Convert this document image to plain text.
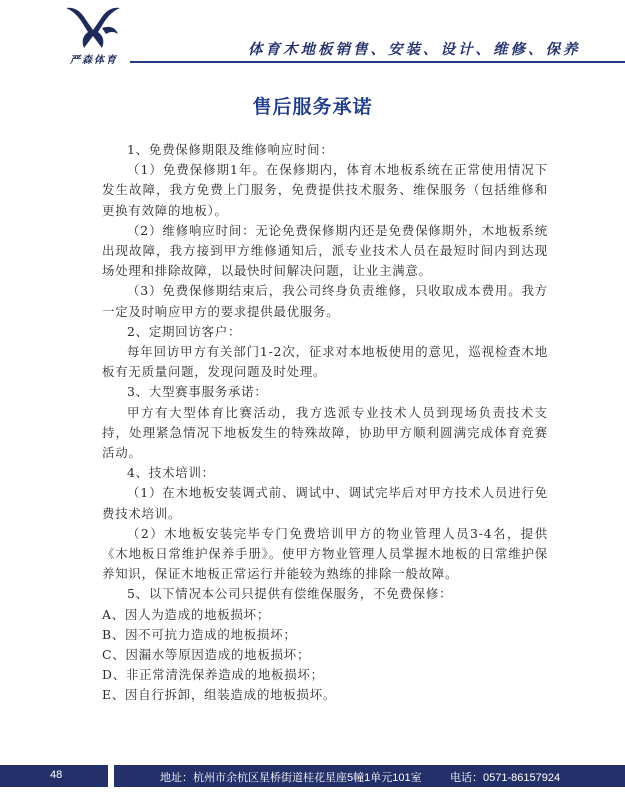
严森体育
体育木地板销售、安装、设计、维修、保养
售后服务承诺

1、免费保修期限及维修响应时间：

（1）免费保修期1年。在保修期内，体育木地板系统在正常使用情况下发生故障，我方免费上门服务，免费提供技术服务、维保服务（包括维修和更换有效障的地板）。

（2）维修响应时间：无论免费保修期内还是免费保修期外，木地板系统出现故障，我方接到甲方维修通知后，派专业技术人员在最短时间内到达现场处理和排除故障，以最快时间解决问题，让业主满意。

（3）免费保修期结束后，我公司终身负责维修，只收取成本费用。我方一定及时响应甲方的要求提供最优服务。

2、定期回访客户：

每年回访甲方有关部门1-2次，征求对本地板使用的意见，巡视检查木地板有无质量问题，发现问题及时处理。

3、大型赛事服务承诺：

甲方有大型体育比赛活动，我方选派专业技术人员到现场负责技术支持，处理紧急情况下地板发生的特殊故障，协助甲方顺利圆满完成体育竞赛活动。

4、技术培训：

（1）在木地板安装调式前、调试中、调试完毕后对甲方技术人员进行免费技术培训。

（2）木地板安装完毕专门免费培训甲方的物业管理人员3-4名，提供《木地板日常维护保养手册》。使甲方物业管理人员掌握木地板的日常维护保养知识，保证木地板正常运行并能较为熟练的排除一般故障。

5、以下情况本公司只提供有偿维保服务，不免费保修：

A、因人为造成的地板损坏；

B、因不可抗力造成的地板损坏；

C、因漏水等原因造成的地板损坏；

D、非正常清洗保养造成的地板损坏；

E、因自行拆卸，组装造成的地板损坏。

48	地址：杭州市余杭区星桥街道桂花星座5幢1单元101室	电话：0571-86157924
